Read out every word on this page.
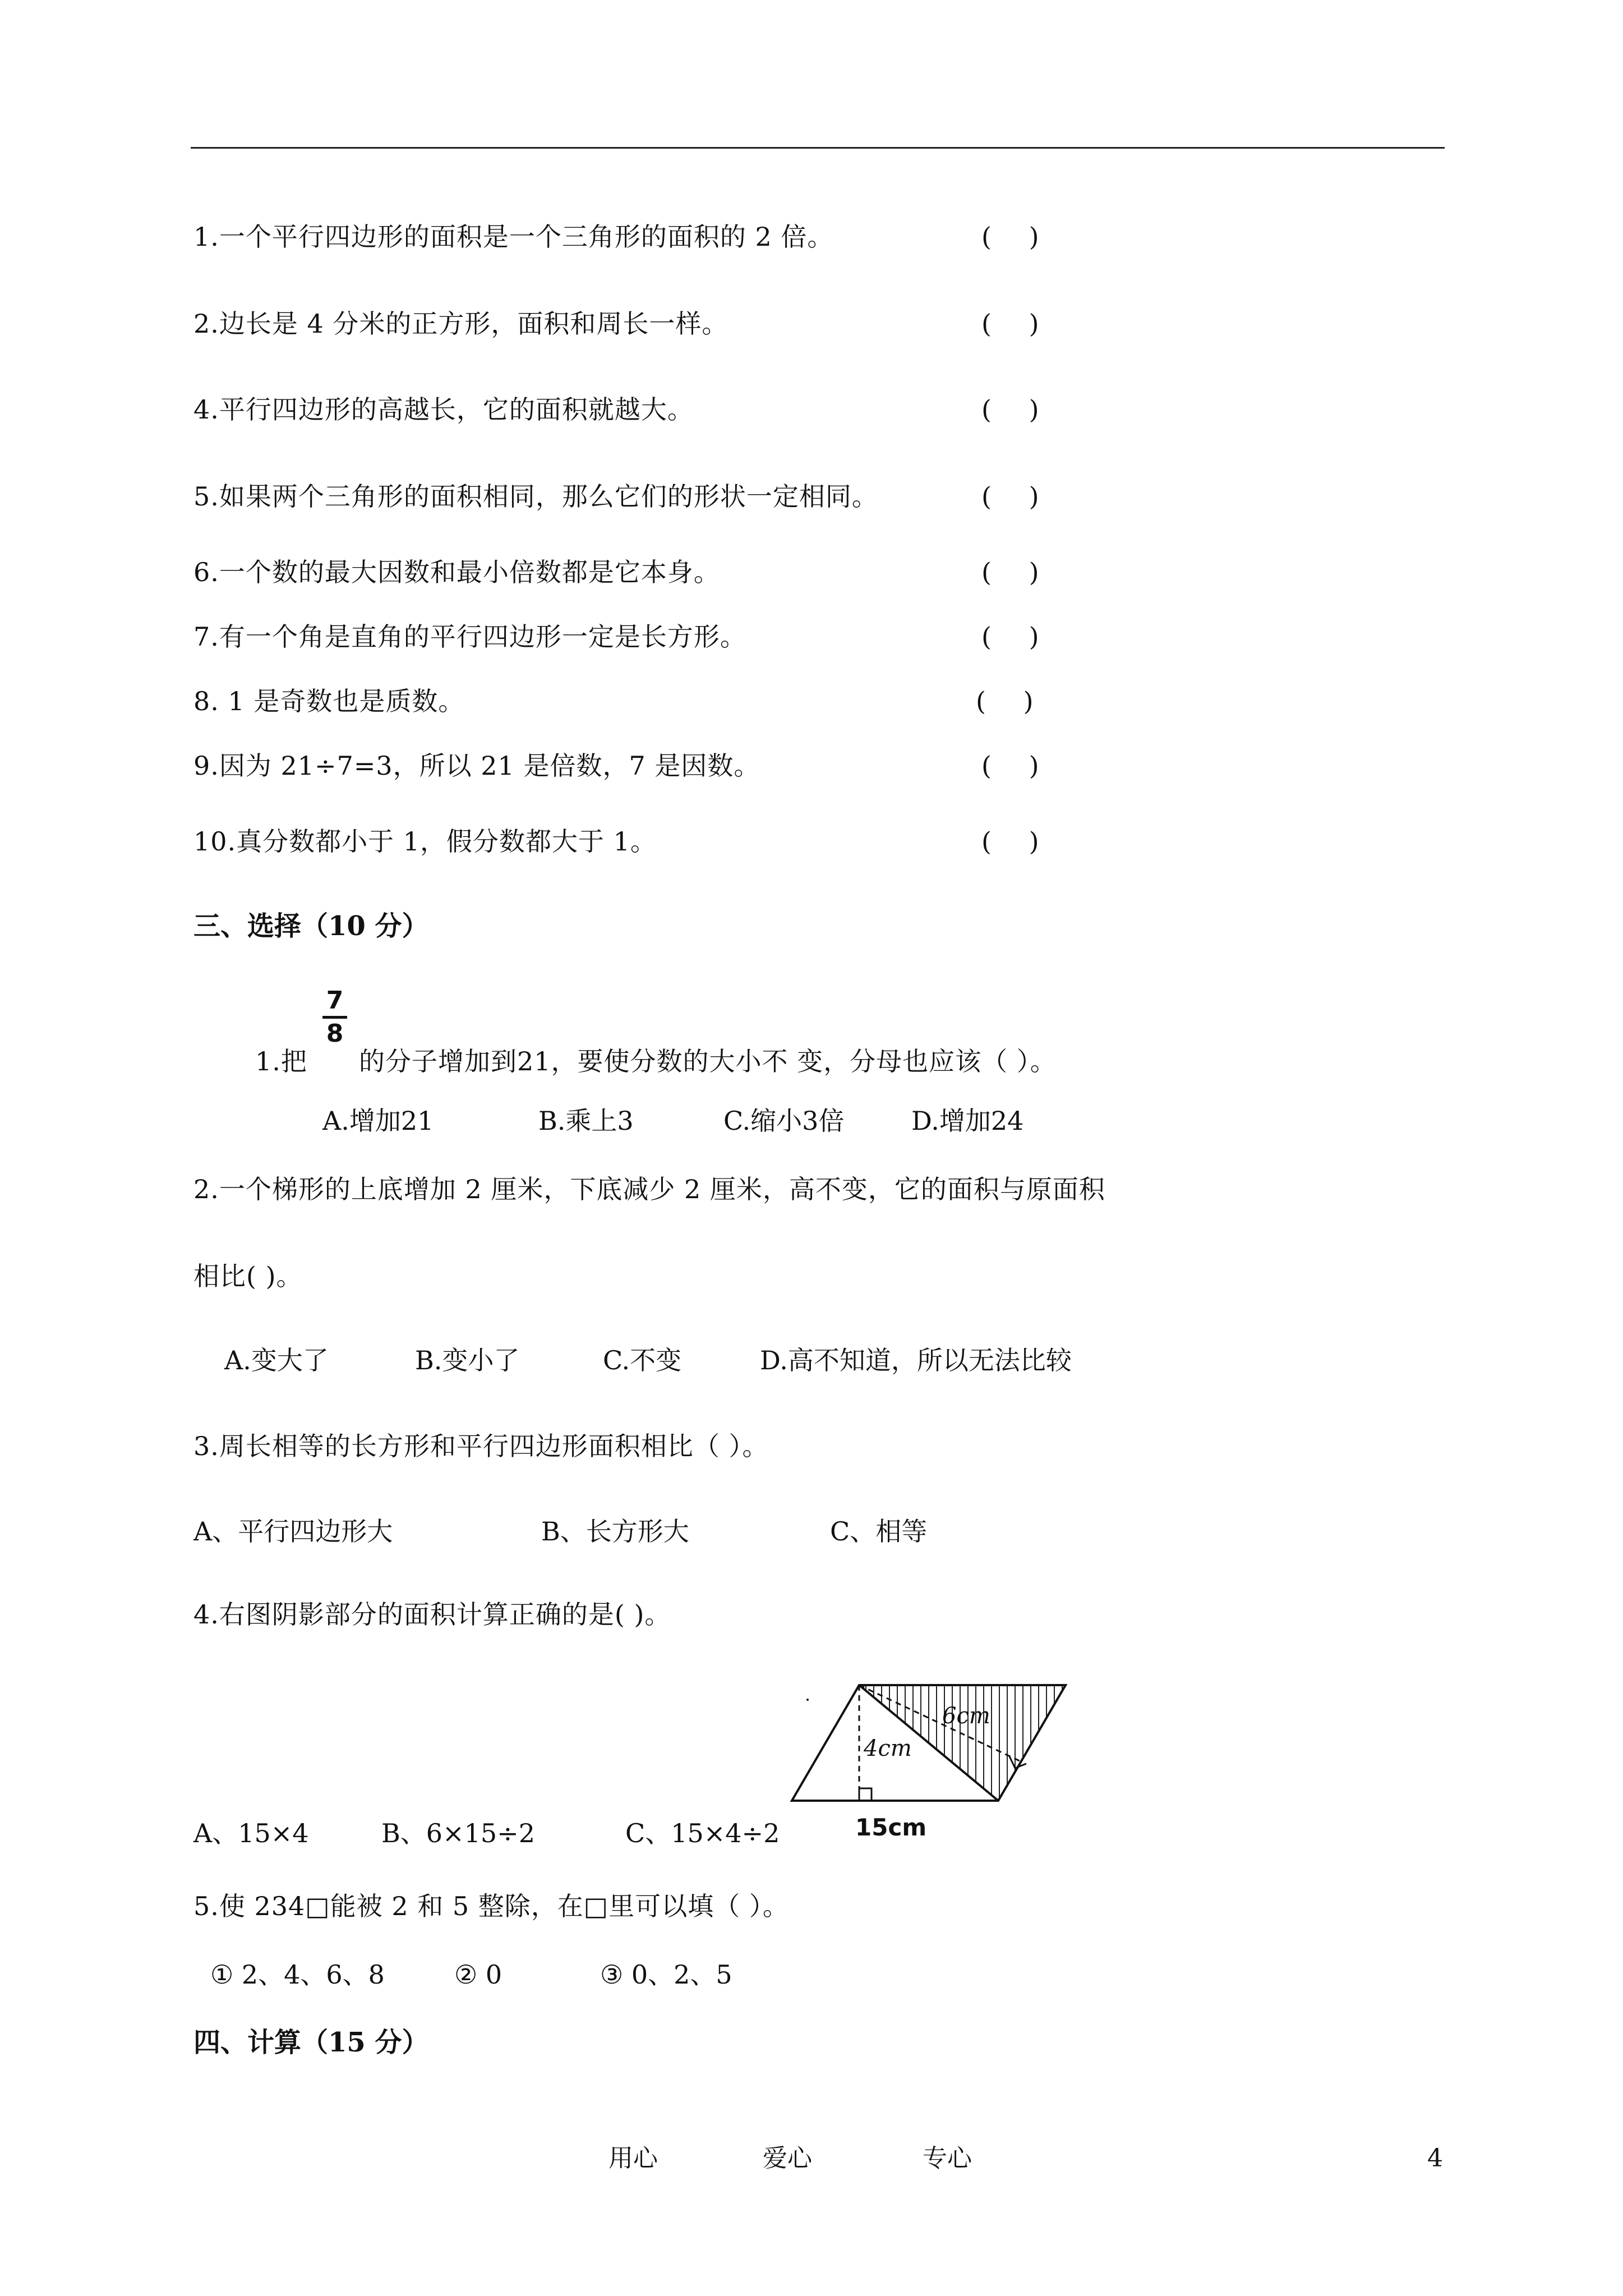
1.一个平行四边形的面积是一个三角形的面积的 2 倍。	( )
2.边长是 4 分米的正方形，面积和周长一样。	( )
4.平行四边形的高越长，它的面积就越大。	( )
5.如果两个三角形的面积相同，那么它们的形状一定相同。	( )
6.一个数的最大因数和最小倍数都是它本身。	( )
7.有一个角是直角的平行四边形一定是长方形。	( )
8. 1 是奇数也是质数。	( )
9.因为 21÷7=3，所以 21 是倍数，7 是因数。	( )
10.真分数都小于 1，假分数都大于 1。	( )
三、选择（10 分）
1.把
7
8
的分子增加到21，要使分数的大小不 变，分母也应该（ ）。
A.增加21	B.乘上3	C.缩小3倍	D.增加24
2.一个梯形的上底增加 2 厘米，下底减少 2 厘米，高不变，它的面积与原面积
相比( )。
A.变大了	B.变小了	C.不变	D.高不知道，所以无法比较
3.周长相等的长方形和平行四边形面积相比（ ）。
A、平行四边形大	B、长方形大	C、相等
4.右图阴影部分的面积计算正确的是( )。
4cm
6cm
15cm
A、15×4	B、6×15÷2	C、15×4÷2
5.使 234□能被 2 和 5 整除，在□里可以填（ ）。
① 2、4、6、8	② 0	③ 0、2、5
四、计算（15 分）
用心	爱心	专心	4
